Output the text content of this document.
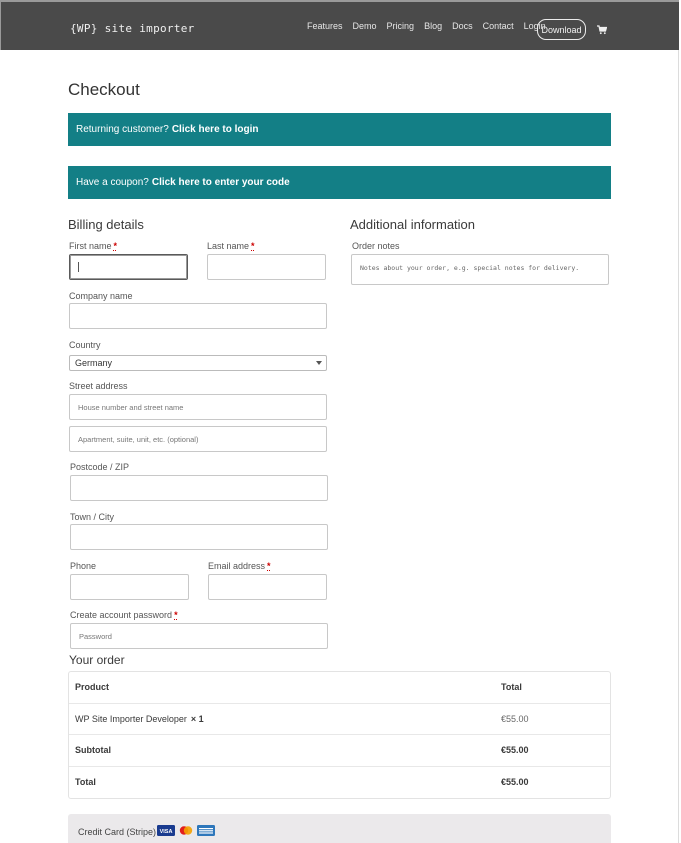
{WP} site importer	Features Demo Pricing Blog Docs Contact Login
Download
Checkout
Returning customer? Click here to login
Have a coupon? Click here to enter your code
Billing details
First name *	Last name *
Company name
Country
Germany
Street address
House number and street name
Apartment, suite, unit, etc. (optional)
Postcode / ZIP
Town / City
Phone	Email address *
Create account password *
Password
Additional information
Order notes
Notes about your order, e.g. special notes for delivery.
Your order
Product	Total
WP Site Importer Developer × 1	€55.00
Subtotal	€55.00
Total	€55.00
Credit Card (Stripe) VISA
